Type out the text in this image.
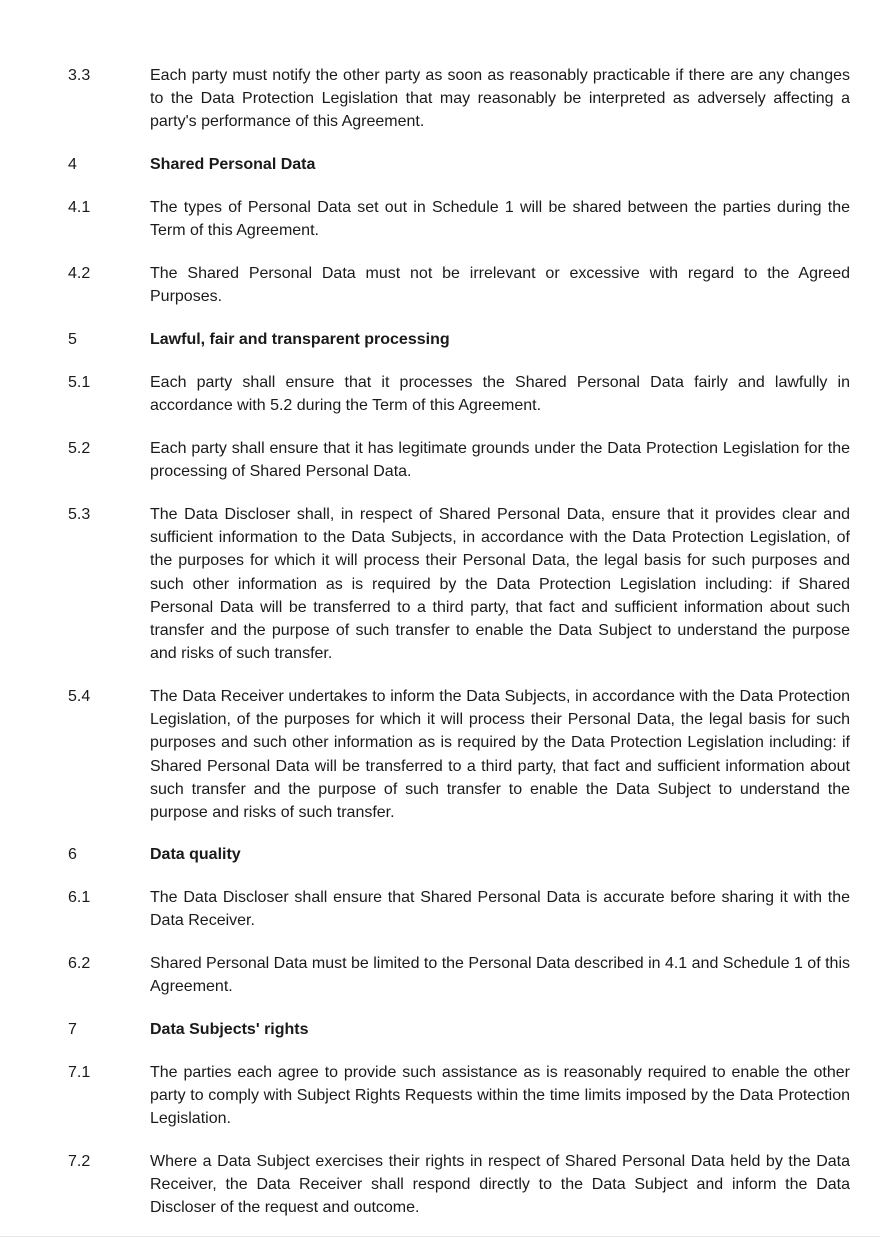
3.3	Each party must notify the other party as soon as reasonably practicable if there are any changes to the Data Protection Legislation that may reasonably be interpreted as adversely affecting a party's performance of this Agreement.
4	Shared Personal Data
4.1	The types of Personal Data set out in Schedule 1 will be shared between the parties during the Term of this Agreement.
4.2	The Shared Personal Data must not be irrelevant or excessive with regard to the Agreed Purposes.
5	Lawful, fair and transparent processing
5.1	Each party shall ensure that it processes the Shared Personal Data fairly and lawfully in accordance with 5.2 during the Term of this Agreement.
5.2	Each party shall ensure that it has legitimate grounds under the Data Protection Legislation for the processing of Shared Personal Data.
5.3	The Data Discloser shall, in respect of Shared Personal Data, ensure that it provides clear and sufficient information to the Data Subjects, in accordance with the Data Protection Legislation, of the purposes for which it will process their Personal Data, the legal basis for such purposes and such other information as is required by the Data Protection Legislation including: if Shared Personal Data will be transferred to a third party, that fact and sufficient information about such transfer and the purpose of such transfer to enable the Data Subject to understand the purpose and risks of such transfer.
5.4	The Data Receiver undertakes to inform the Data Subjects, in accordance with the Data Protection Legislation, of the purposes for which it will process their Personal Data, the legal basis for such purposes and such other information as is required by the Data Protection Legislation including: if Shared Personal Data will be transferred to a third party, that fact and sufficient information about such transfer and the purpose of such transfer to enable the Data Subject to understand the purpose and risks of such transfer.
6	Data quality
6.1	The Data Discloser shall ensure that Shared Personal Data is accurate before sharing it with the Data Receiver.
6.2	Shared Personal Data must be limited to the Personal Data described in 4.1 and Schedule 1 of this Agreement.
7	Data Subjects' rights
7.1	The parties each agree to provide such assistance as is reasonably required to enable the other party to comply with Subject Rights Requests within the time limits imposed by the Data Protection Legislation.
7.2	Where a Data Subject exercises their rights in respect of Shared Personal Data held by the Data Receiver, the Data Receiver shall respond directly to the Data Subject and inform the Data Discloser of the request and outcome.
